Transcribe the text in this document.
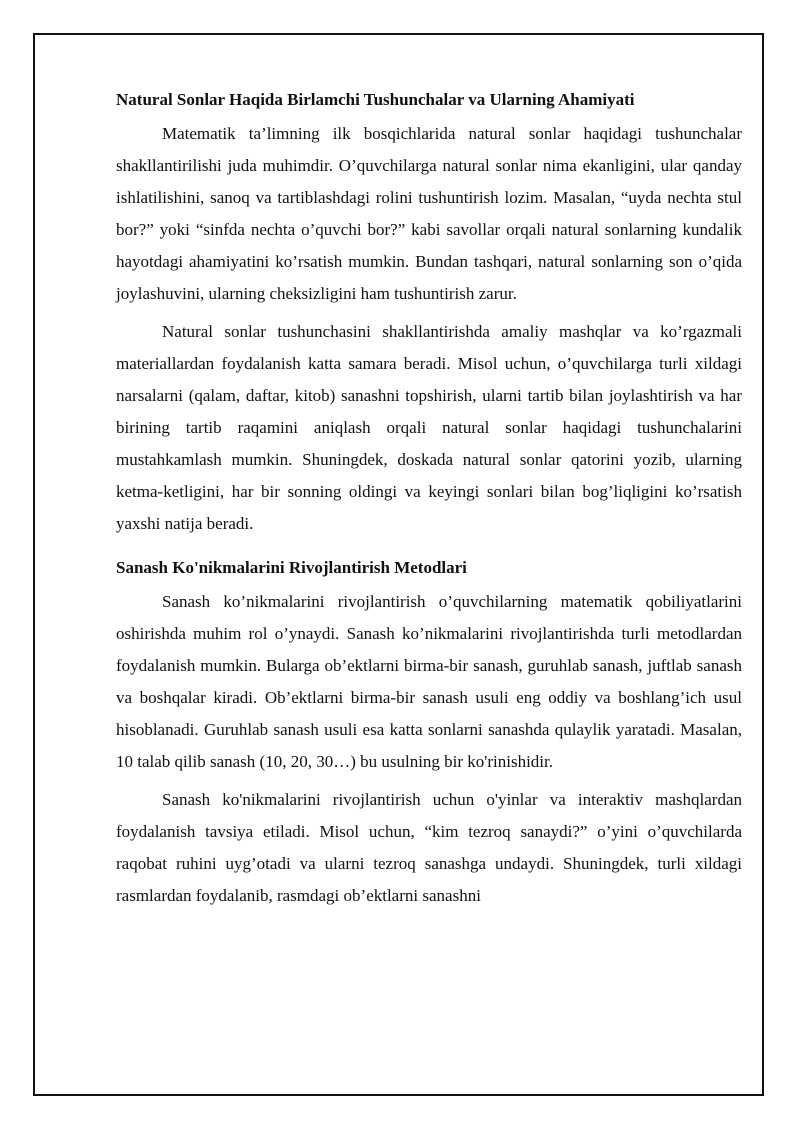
Natural Sonlar Haqida Birlamchi Tushunchalar va Ularning Ahamiyati

Matematik ta’limning ilk bosqichlarida natural sonlar haqidagi tushunchalar shakllantirilishi juda muhimdir. O’quvchilarga natural sonlar nima ekanligini, ular qanday ishlatilishini, sanoq va tartiblashdagi rolini tushuntirish lozim. Masalan, “uyda nechta stul bor?” yoki “sinfda nechta o’quvchi bor?” kabi savollar orqali natural sonlarning kundalik hayotdagi ahamiyatini ko’rsatish mumkin. Bundan tashqari, natural sonlarning son o’qida joylashuvini, ularning cheksizligini ham tushuntirish zarur.

Natural sonlar tushunchasini shakllantirishda amaliy mashqlar va ko’rgazmali materiallardan foydalanish katta samara beradi. Misol uchun, o’quvchilarga turli xildagi narsalarni (qalam, daftar, kitob) sanashni topshirish, ularni tartib bilan joylashtirish va har birining tartib raqamini aniqlash orqali natural sonlar haqidagi tushunchalarini mustahkamlash mumkin. Shuningdek, doskada natural sonlar qatorini yozib, ularning ketma-ketligini, har bir sonning oldingi va keyingi sonlari bilan bog’liqligini ko’rsatish yaxshi natija beradi.

Sanash Ko'nikmalarini Rivojlantirish Metodlari

Sanash ko’nikmalarini rivojlantirish o’quvchilarning matematik qobiliyatlarini oshirishda muhim rol o’ynaydi. Sanash ko’nikmalarini rivojlantirishda turli metodlardan foydalanish mumkin. Bularga ob’ektlarni birma-bir sanash, guruhlab sanash, juftlab sanash va boshqalar kiradi. Ob’ektlarni birma-bir sanash usuli eng oddiy va boshlang’ich usul hisoblanadi. Guruhlab sanash usuli esa katta sonlarni sanashda qulaylik yaratadi. Masalan, 10 talab qilib sanash (10, 20, 30…) bu usulning bir ko'rinishidir.

Sanash ko'nikmalarini rivojlantirish uchun o'yinlar va interaktiv mashqlardan foydalanish tavsiya etiladi. Misol uchun, “kim tezroq sanaydi?” o’yini o’quvchilarda raqobat ruhini uyg’otadi va ularni tezroq sanashga undaydi. Shuningdek, turli xildagi rasmlardan foydalanib, rasmdagi ob’ektlarni sanashni
